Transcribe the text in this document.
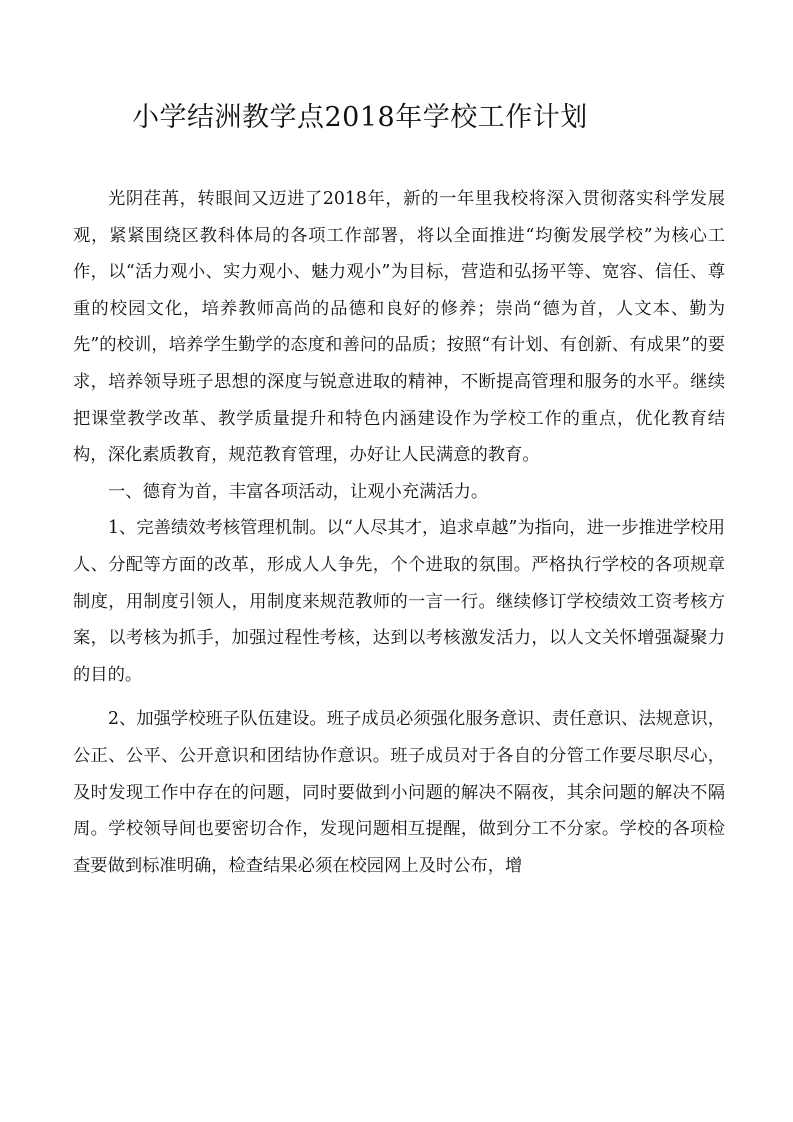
小学结洲教学点2018年学校工作计划

光阴荏苒，转眼间又迈进了2018年，新的一年里我校将深入贯彻落实科学发展观，紧紧围绕区教科体局的各项工作部署，将以全面推进“均衡发展学校”为核心工作，以“活力观小、实力观小、魅力观小”为目标，营造和弘扬平等、宽容、信任、尊重的校园文化，培养教师高尚的品德和良好的修养；崇尚“德为首，人文本、勤为先”的校训，培养学生勤学的态度和善问的品质；按照“有计划、有创新、有成果”的要求，培养领导班子思想的深度与锐意进取的精神，不断提高管理和服务的水平。继续把课堂教学改革、教学质量提升和特色内涵建设作为学校工作的重点，优化教育结构，深化素质教育，规范教育管理，办好让人民满意的教育。

一、德育为首，丰富各项活动，让观小充满活力。

1、完善绩效考核管理机制。以“人尽其才，追求卓越”为指向，进一步推进学校用人、分配等方面的改革，形成人人争先，个个进取的氛围。严格执行学校的各项规章制度，用制度引领人，用制度来规范教师的一言一行。继续修订学校绩效工资考核方案，以考核为抓手，加强过程性考核，达到以考核激发活力，以人文关怀增强凝聚力的目的。

2、加强学校班子队伍建设。班子成员必须强化服务意识、责任意识、法规意识，公正、公平、公开意识和团结协作意识。班子成员对于各自的分管工作要尽职尽心，及时发现工作中存在的问题，同时要做到小问题的解决不隔夜，其余问题的解决不隔周。学校领导间也要密切合作，发现问题相互提醒，做到分工不分家。学校的各项检查要做到标准明确，检查结果必须在校园网上及时公布，增
